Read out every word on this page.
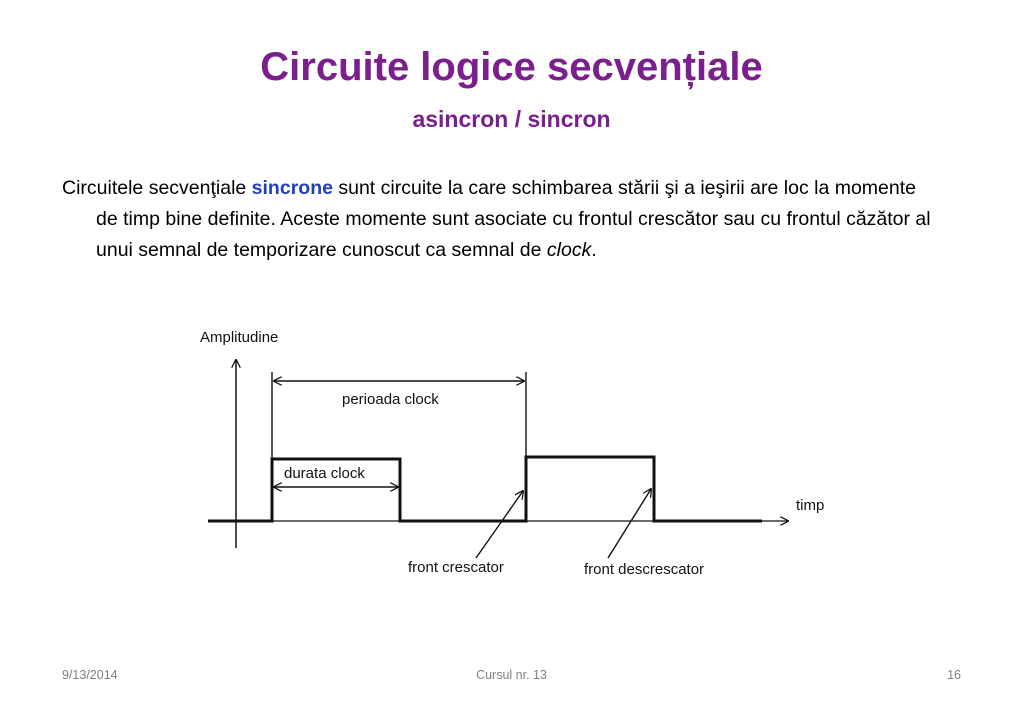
Circuite logice secvențiale
asincron / sincron

Circuitele secvenţiale sincrone sunt circuite la care schimbarea stării şi a ieşirii are loc la momente de timp bine definite. Aceste momente sunt asociate cu frontul crescător sau cu frontul căzător al unui semnal de temporizare cunoscut ca semnal de clock.

Amplitudine
timp
perioada clock
durata clock
front crescator	front descrescator
9/13/2014	Cursul nr. 13	16
